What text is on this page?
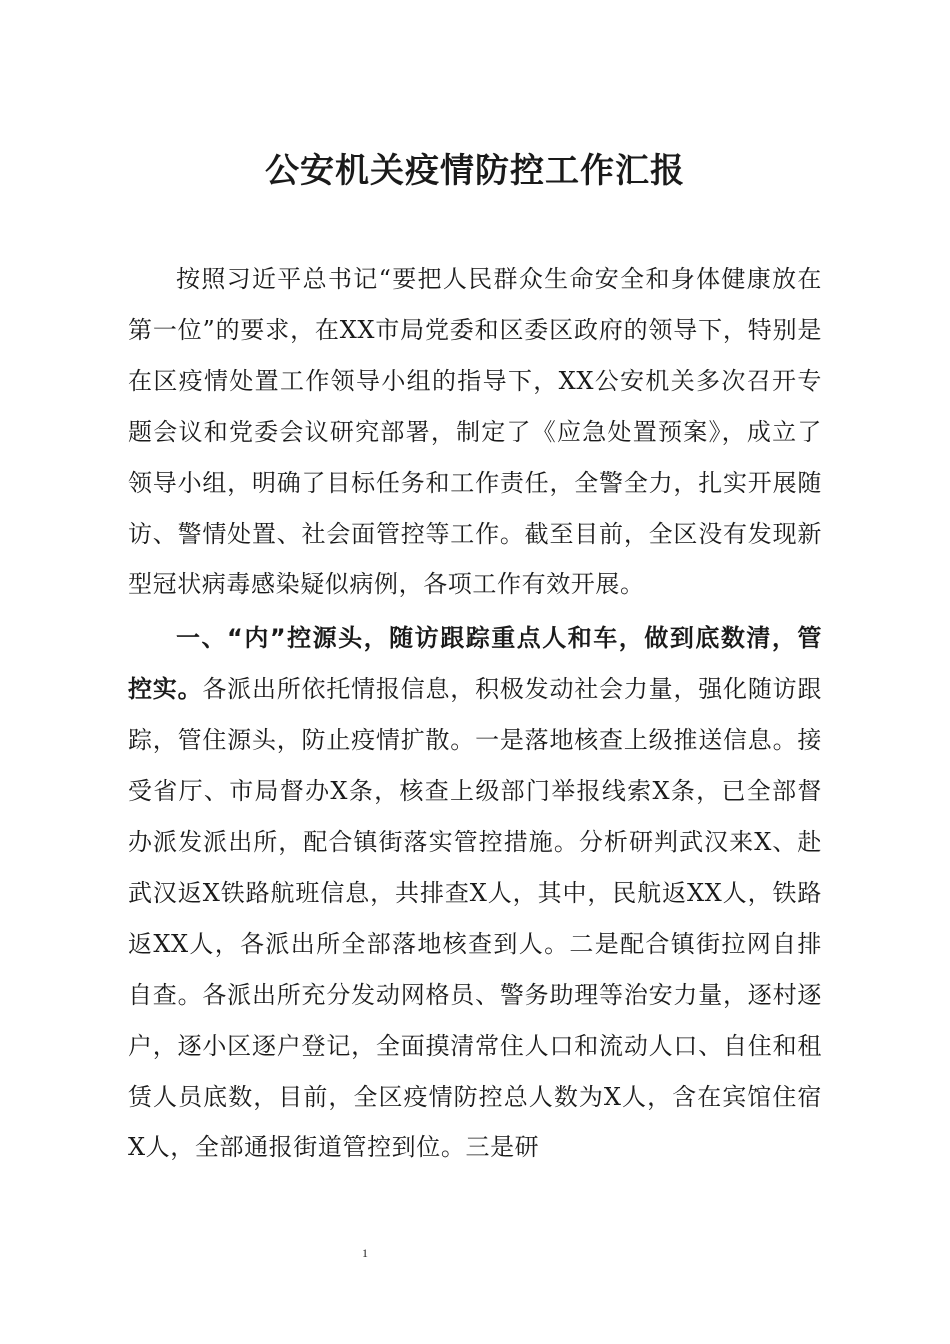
公安机关疫情防控工作汇报

按照习近平总书记“要把人民群众生命安全和身体健康放在第一位”的要求，在XX市局党委和区委区政府的领导下，特别是在区疫情处置工作领导小组的指导下，XX公安机关多次召开专题会议和党委会议研究部署，制定了《应急处置预案》，成立了领导小组，明确了目标任务和工作责任，全警全力，扎实开展随访、警情处置、社会面管控等工作。截至目前，全区没有发现新型冠状病毒感染疑似病例，各项工作有效开展。

一、“内”控源头，随访跟踪重点人和车，做到底数清，管控实。各派出所依托情报信息，积极发动社会力量，强化随访跟踪，管住源头，防止疫情扩散。一是落地核查上级推送信息。接受省厅、市局督办X条，核查上级部门举报线索X条，已全部督办派发派出所，配合镇街落实管控措施。分析研判武汉来X、赴武汉返X铁路航班信息，共排查X人，其中，民航返XX人，铁路返XX人，各派出所全部落地核查到人。二是配合镇街拉网自排自查。各派出所充分发动网格员、警务助理等治安力量，逐村逐户，逐小区逐户登记，全面摸清常住人口和流动人口、自住和租赁人员底数，目前，全区疫情防控总人数为X人，含在宾馆住宿X人，全部通报街道管控到位。三是研

1
